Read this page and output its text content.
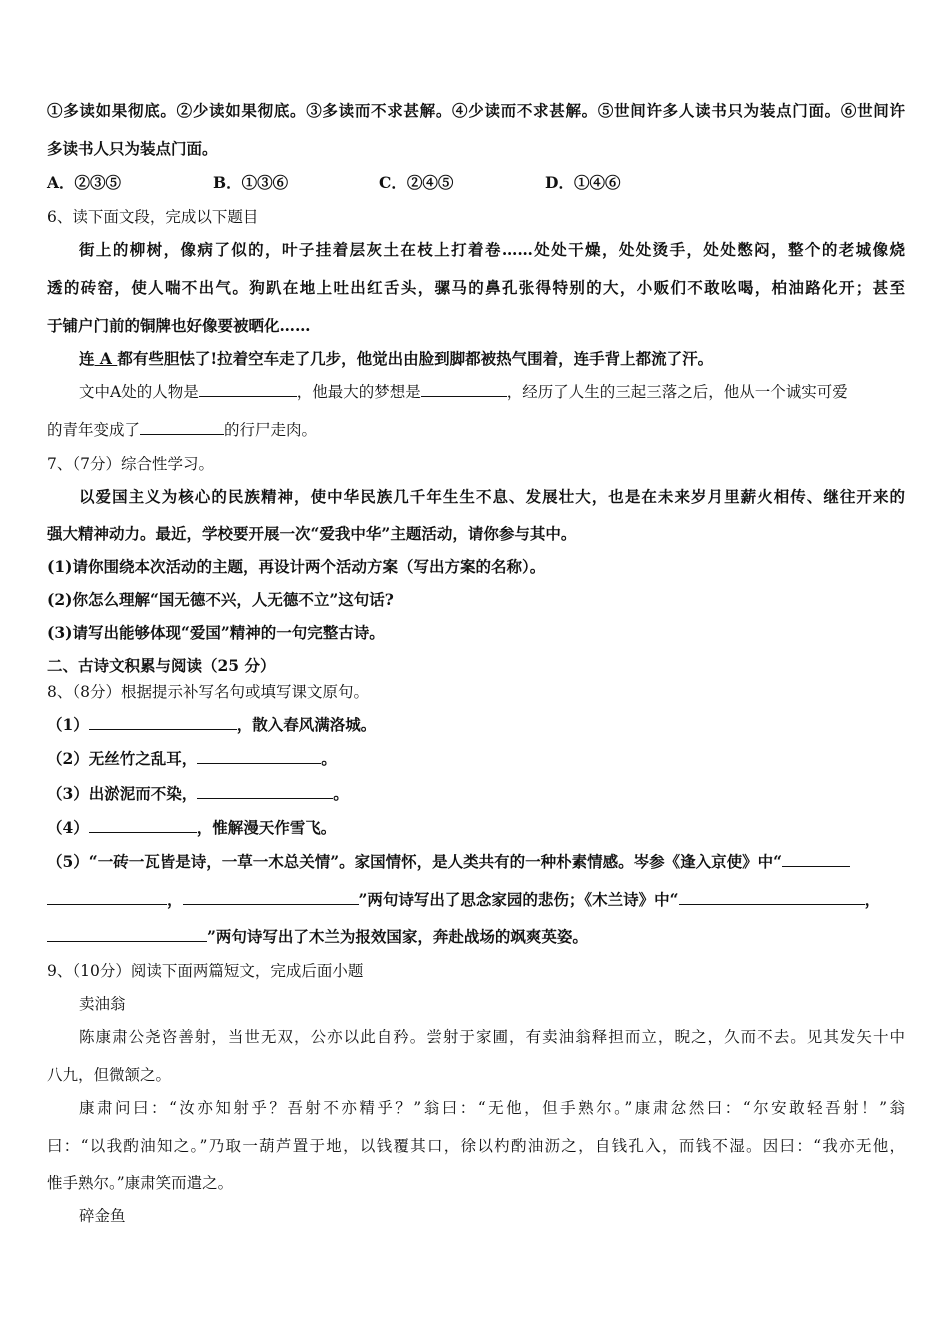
①多读如果彻底。②少读如果彻底。③多读而不求甚解。④少读而不求甚解。⑤世间许多人读书只为装点门面。⑥世间许
多读书人只为装点门面。
A．②③⑤	B．①③⑥	C．②④⑤	D．①④⑥
6、读下面文段，完成以下题目
街上的柳树，像病了似的，叶子挂着层灰土在枝上打着卷……处处干燥，处处烫手，处处憋闷，整个的老城像烧
透的砖窑，使人喘不出气。狗趴在地上吐出红舌头，骡马的鼻孔张得特别的大，小贩们不敢吆喝，柏油路化开；甚至
于铺户门前的铜牌也好像要被晒化……
连 A 都有些胆怯了!拉着空车走了几步，他觉出由脸到脚都被热气围着，连手背上都流了汗。
文中A处的人物是	，他最大的梦想是	，经历了人生的三起三落之后，他从一个诚实可爱
的青年变成了	的行尸走肉。
7、（7分）综合性学习。
以爱国主义为核心的民族精神，使中华民族几千年生生不息、发展壮大，也是在未来岁月里薪火相传、继往开来的
强大精神动力。最近，学校要开展一次“爱我中华”主题活动，请你参与其中。
(1)请你围绕本次活动的主题，再设计两个活动方案（写出方案的名称）。
(2)你怎么理解“国无德不兴，人无德不立”这句话?
(3)请写出能够体现“爱国”精神的一句完整古诗。
二、古诗文积累与阅读（25 分）
8、（8分）根据提示补写名句或填写课文原句。
（1）	，散入春风满洛城。
（2）无丝竹之乱耳，	。
（3）出淤泥而不染，	。
（4）	，惟解漫天作雪飞。
（5）“一砖一瓦皆是诗，一草一木总关情”。家国情怀，是人类共有的一种朴素情感。岑参《逢入京使》中“
，	”两句诗写出了思念家园的悲伤；《木兰诗》中“	，
”两句诗写出了木兰为报效国家，奔赴战场的飒爽英姿。
9、（10分）阅读下面两篇短文，完成后面小题
卖油翁
陈康肃公尧咨善射，当世无双，公亦以此自矜。尝射于家圃，有卖油翁释担而立，睨之，久而不去。见其发矢十中
八九，但微颔之。
康肃问曰：“汝亦知射乎？吾射不亦精乎？”翁曰：“无他，但手熟尔。”康肃忿然曰：“尔安敢轻吾射！”翁
曰：“以我酌油知之。”乃取一葫芦置于地，以钱覆其口，徐以杓酌油沥之，自钱孔入，而钱不湿。因曰：“我亦无他，
惟手熟尔。”康肃笑而遣之。
碎金鱼
